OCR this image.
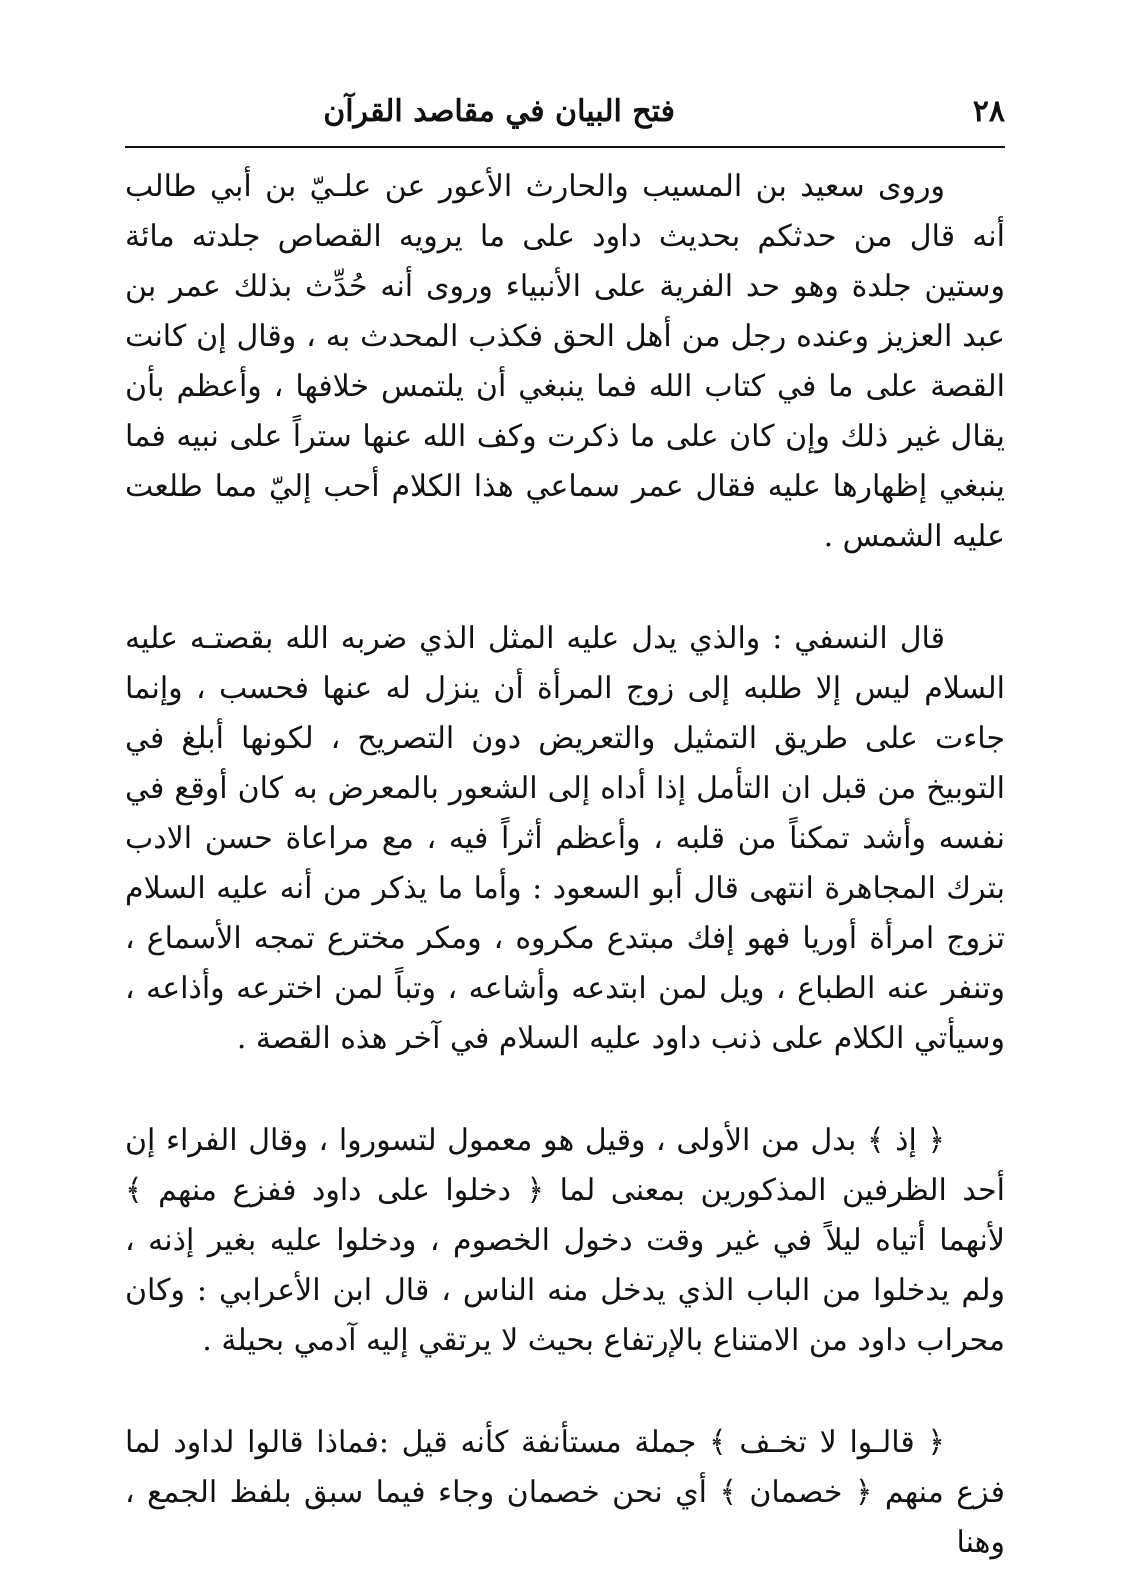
٢٨
فتح البيان في مقاصد القرآن

وروى سعيد بن المسيب والحارث الأعور عن علـيّ بن أبي طالب أنه قال من حدثكم بحديث داود على ما يرويه القصاص جلدته مائة وستين جلدة وهو حد الفرية على الأنبياء وروى أنه حُدِّث بذلك عمر بن عبد العزيز وعنده رجل من أهل الحق فكذب المحدث به ، وقال إن كانت القصة على ما في كتاب الله فما ينبغي أن يلتمس خلافها ، وأعظم بأن يقال غير ذلك وإن كان على ما ذكرت وكف الله عنها ستراً على نبيه فما ينبغي إظهارها عليه فقال عمر سماعي هذا الكلام أحب إليّ مما طلعت عليه الشمس .

قال النسفي : والذي يدل عليه المثل الذي ضربه الله بقصتـه عليه السلام ليس إلا طلبه إلى زوج المرأة أن ينزل له عنها فحسب ، وإنما جاءت على طريق التمثيل والتعريض دون التصريح ، لكونها أبلغ في التوبيخ من قبل ان التأمل إذا أداه إلى الشعور بالمعرض به كان أوقع في نفسه وأشد تمكناً من قلبه ، وأعظم أثراً فيه ، مع مراعاة حسن الادب بترك المجاهرة انتهى قال أبو السعود : وأما ما يذكر من أنه عليه السلام تزوج امرأة أوريا فهو إفك مبتدع مكروه ، ومكر مخترع تمجه الأسماع ، وتنفر عنه الطباع ، ويل لمن ابتدعه وأشاعه ، وتباً لمن اخترعه وأذاعه ، وسيأتي الكلام على ذنب داود عليه السلام في آخر هذه القصة .

﴿ إذ ﴾ بدل من الأولى ، وقيل هو معمول لتسوروا ، وقال الفراء إن أحد الظرفين المذكورين بمعنى لما ﴿ دخلوا على داود ففزع منهم ﴾ لأنهما أتياه ليلاً في غير وقت دخول الخصوم ، ودخلوا عليه بغير إذنه ، ولم يدخلوا من الباب الذي يدخل منه الناس ، قال ابن الأعرابي : وكان محراب داود من الامتناع بالإرتفاع بحيث لا يرتقي إليه آدمي بحيلة .

﴿ قالـوا لا تخـف ﴾ جملة مستأنفة كأنه قيل :فماذا قالوا لداود لما فزع منهم ﴿ خصمان ﴾ أي نحن خصمان وجاء فيما سبق بلفظ الجمع ، وهنا
